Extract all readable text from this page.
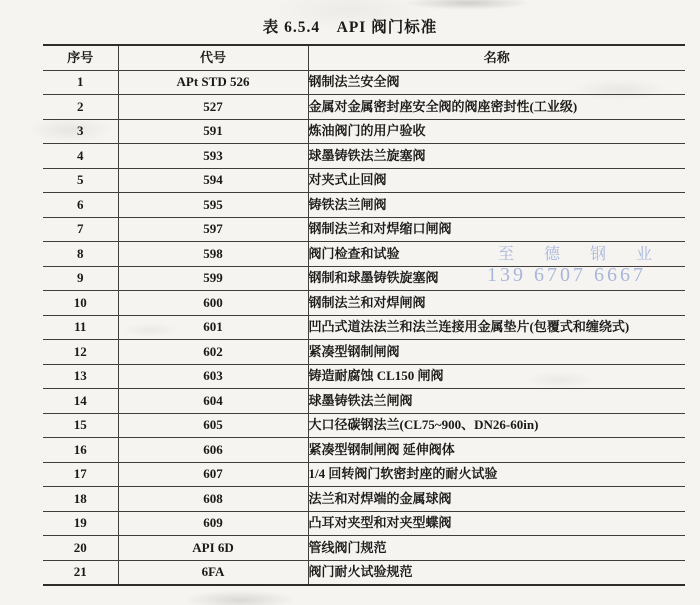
表 6.5.4　API 阀门标准
序号	代号	名称
1	APt STD 526	钢制法兰安全阀
2	527	金属对金属密封座安全阀的阀座密封性(工业级)
3	591	炼油阀门的用户验收
4	593	球墨铸铁法兰旋塞阀
5	594	对夹式止回阀
6	595	铸铁法兰闸阀
7	597	钢制法兰和对焊缩口闸阀
8	598	阀门检查和试验
9	599	钢制和球墨铸铁旋塞阀
10	600	钢制法兰和对焊闸阀
11	601	凹凸式道法法兰和法兰连接用金属垫片(包覆式和缠绕式)
12	602	紧凑型钢制闸阀
13	603	铸造耐腐蚀 CL150 闸阀
14	604	球墨铸铁法兰闸阀
15	605	大口径碳钢法兰(CL75~900、DN26-60in)
16	606	紧凑型钢制闸阀 延伸阀体
17	607	1/4 回转阀门软密封座的耐火试验
18	608	法兰和对焊端的金属球阀
19	609	凸耳对夹型和对夹型蝶阀
20	API 6D	管线阀门规范
21	6FA	阀门耐火试验规范
至 德 钢 业
139 6707 6667
